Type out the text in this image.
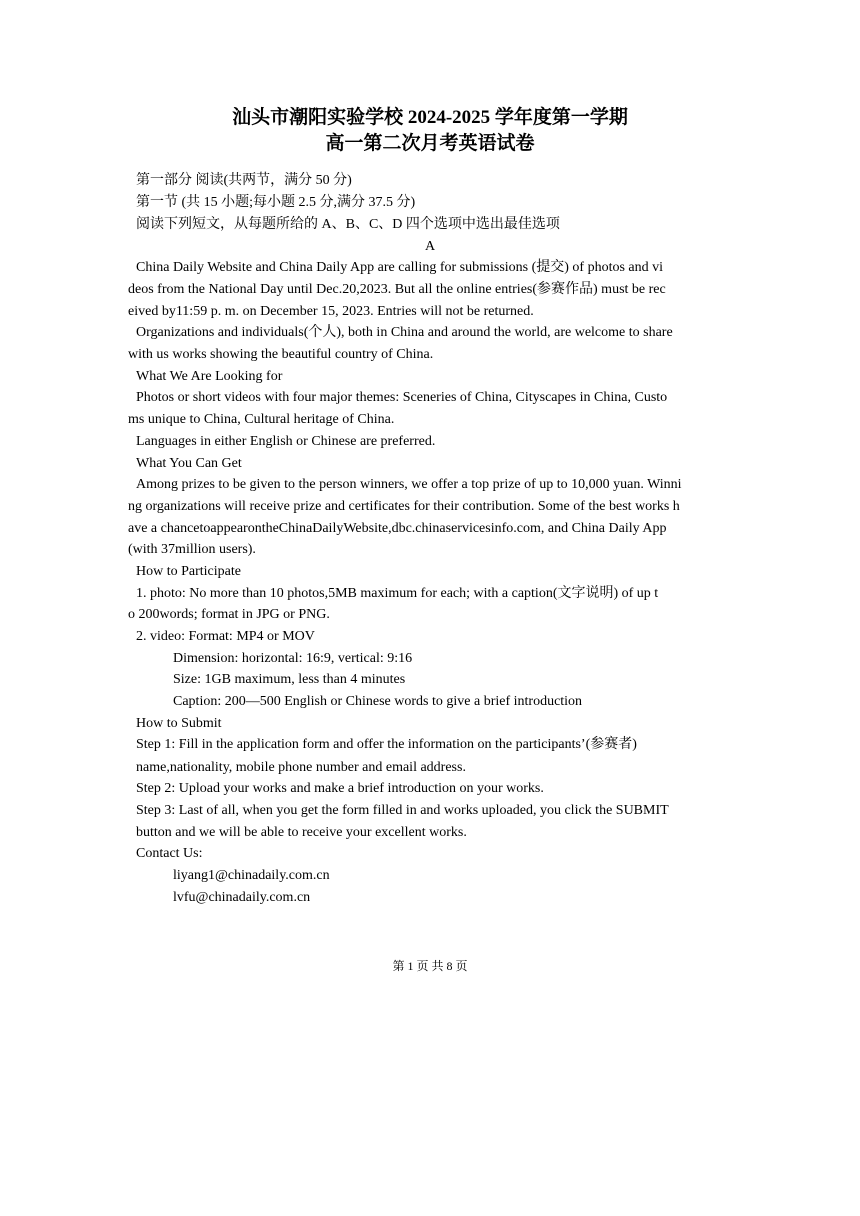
汕头市潮阳实验学校 2024-2025 学年度第一学期
高一第二次月考英语试卷
第一部分 阅读(共两节，满分 50 分)
第一节 (共 15 小题;每小题 2.5 分,满分 37.5 分)
阅读下列短文，从每题所给的 A、B、C、D 四个选项中选出最佳选项
A
China Daily Website and China Daily App are calling for submissions (提交) of photos and vi
deos from the National Day until Dec.20,2023. But all the online entries(参赛作品) must be rec
eived by11:59 p. m. on December 15, 2023. Entries will not be returned.
Organizations and individuals(个人), both in China and around the world, are welcome to share
with us works showing the beautiful country of China.
What We Are Looking for
Photos or short videos with four major themes: Sceneries of China, Cityscapes in China, Custo
ms unique to China, Cultural heritage of China.
Languages in either English or Chinese are preferred.
What You Can Get
Among prizes to be given to the person winners, we offer a top prize of up to 10,000 yuan. Winni
ng organizations will receive prize and certificates for their contribution. Some of the best works h
ave a chancetoappearontheChinaDailyWebsite,dbc.chinaservicesinfo.com, and China Daily App
(with 37million users).
How to Participate
1. photo: No more than 10 photos,5MB maximum for each; with a caption(文字说明) of up t
o 200words; format in JPG or PNG.
2. video: Format: MP4 or MOV
Dimension: horizontal: 16:9, vertical: 9:16
Size: 1GB maximum, less than 4 minutes
Caption: 200—500 English or Chinese words to give a brief introduction
How to Submit
Step 1: Fill in the application form and offer the information on the participants’(参赛者)
name,nationality, mobile phone number and email address.
Step 2: Upload your works and make a brief introduction on your works.
Step 3: Last of all, when you get the form filled in and works uploaded, you click the SUBMIT
button and we will be able to receive your excellent works.
Contact Us:
liyang1@chinadaily.com.cn
lvfu@chinadaily.com.cn
第 1 页 共 8 页
